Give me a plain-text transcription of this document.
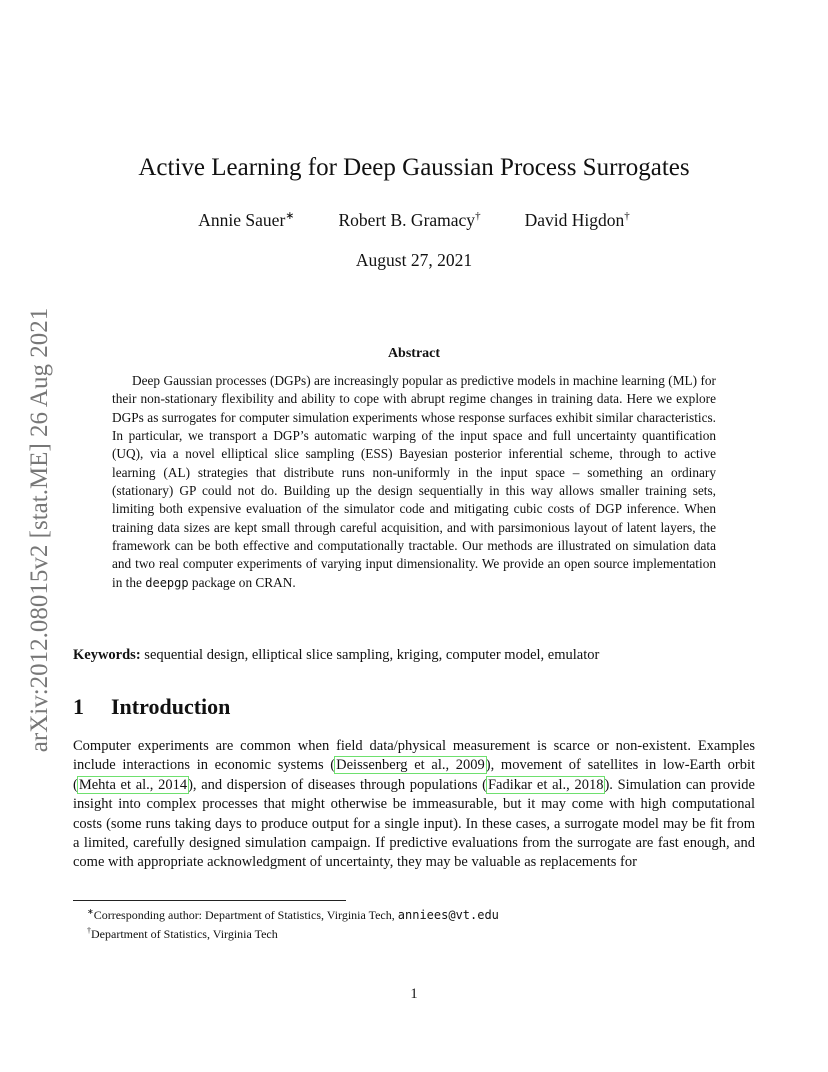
arXiv:2012.08015v2 [stat.ME] 26 Aug 2021
Active Learning for Deep Gaussian Process Surrogates
Annie Sauer∗	Robert B. Gramacy†	David Higdon†
August 27, 2021
Abstract
Deep Gaussian processes (DGPs) are increasingly popular as predictive models in machine learning (ML) for their non-stationary flexibility and ability to cope with abrupt regime changes in training data. Here we explore DGPs as surrogates for computer simulation experiments whose response surfaces exhibit similar characteristics. In particular, we transport a DGP’s automatic warping of the input space and full uncertainty quantification (UQ), via a novel elliptical slice sampling (ESS) Bayesian posterior inferential scheme, through to active learning (AL) strategies that distribute runs non-uniformly in the input space – something an ordinary (stationary) GP could not do. Building up the design sequentially in this way allows smaller training sets, limiting both expensive evaluation of the simulator code and mitigating cubic costs of DGP inference. When training data sizes are kept small through careful acquisition, and with parsimonious layout of latent layers, the framework can be both effective and computationally tractable. Our methods are illustrated on simulation data and two real computer experiments of varying input dimensionality. We provide an open source implementation in the deepgp package on CRAN.
Keywords: sequential design, elliptical slice sampling, kriging, computer model, emulator
1 Introduction
Computer experiments are common when field data/physical measurement is scarce or non-existent. Examples include interactions in economic systems (Deissenberg et al., 2009), movement of satellites in low-Earth orbit (Mehta et al., 2014), and dispersion of diseases through populations (Fadikar et al., 2018). Simulation can provide insight into complex processes that might otherwise be immeasurable, but it may come with high computational costs (some runs taking days to produce output for a single input). In these cases, a surrogate model may be fit from a limited, carefully designed simulation campaign. If predictive evaluations from the surrogate are fast enough, and come with appropriate acknowledgment of uncertainty, they may be valuable as replacements for
∗Corresponding author: Department of Statistics, Virginia Tech, anniees@vt.edu
†Department of Statistics, Virginia Tech
1
